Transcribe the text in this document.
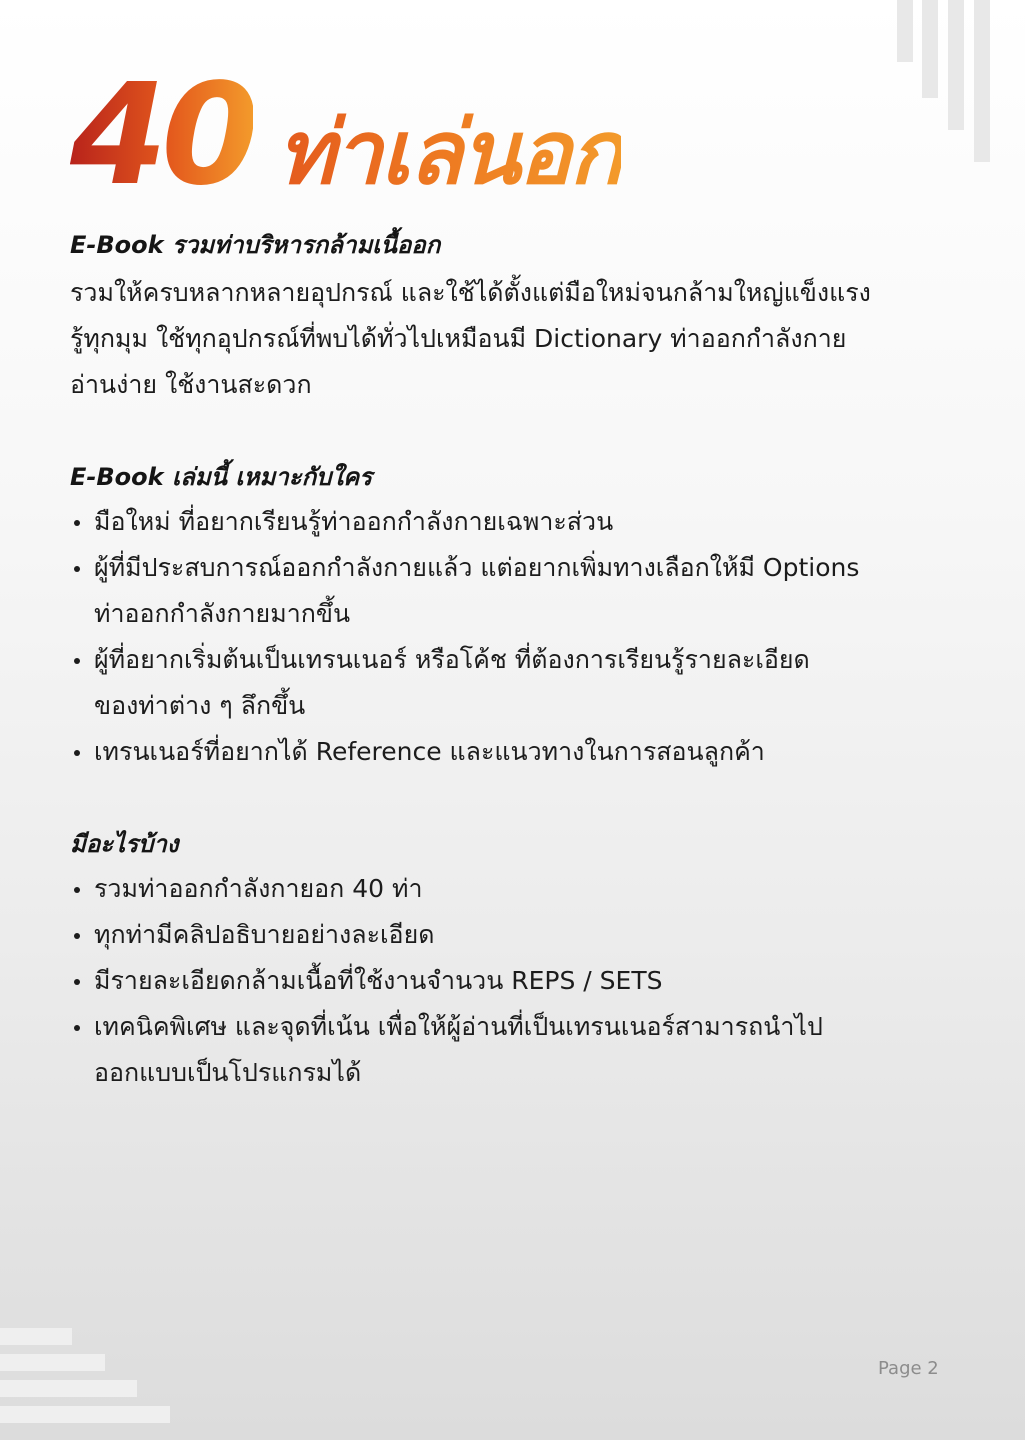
40 ท่าเล่นอก
E-Book รวมท่าบริหารกล้ามเนื้ออก

รวมให้ครบหลากหลายอุปกรณ์ และใช้ได้ตั้งแต่มือใหม่จนกล้ามใหญ่แข็งแรง
รู้ทุกมุม ใช้ทุกอุปกรณ์ที่พบได้ทั่วไปเหมือนมี Dictionary ท่าออกกำลังกาย
อ่านง่าย ใช้งานสะดวก

E-Book เล่มนี้ เหมาะกับใคร
มือใหม่ ที่อยากเรียนรู้ท่าออกกำลังกายเฉพาะส่วน
ผู้ที่มีประสบการณ์ออกกำลังกายแล้ว แต่อยากเพิ่มทางเลือกให้มี Options
ท่าออกกำลังกายมากขึ้น
ผู้ที่อยากเริ่มต้นเป็นเทรนเนอร์ หรือโค้ช ที่ต้องการเรียนรู้รายละเอียด
ของท่าต่าง ๆ ลึกขึ้น
เทรนเนอร์ที่อยากได้ Reference และแนวทางในการสอนลูกค้า
มีอะไรบ้าง
รวมท่าออกกำลังกายอก 40 ท่า
ทุกท่ามีคลิปอธิบายอย่างละเอียด
มีรายละเอียดกล้ามเนื้อที่ใช้งานจำนวน REPS / SETS
เทคนิคพิเศษ และจุดที่เน้น เพื่อให้ผู้อ่านที่เป็นเทรนเนอร์สามารถนำไป
ออกแบบเป็นโปรแกรมได้
Page 2
